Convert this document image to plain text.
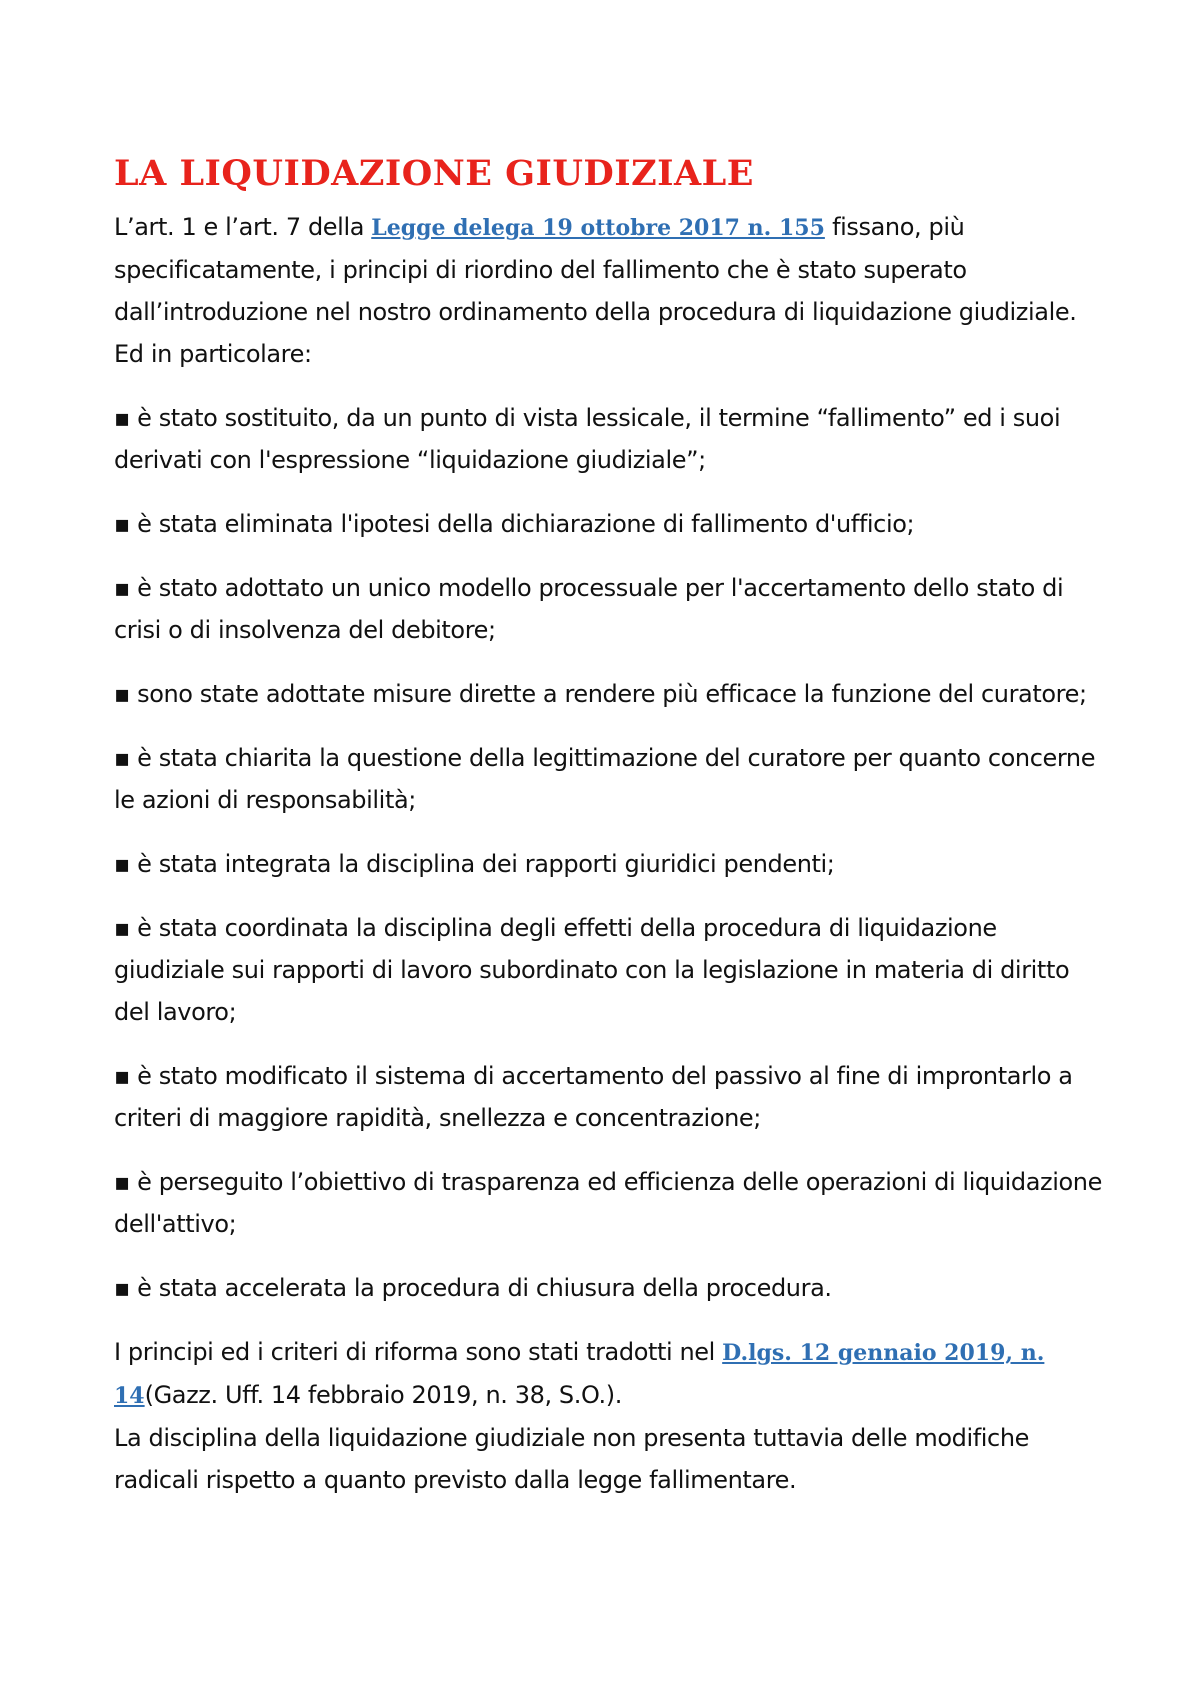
LA LIQUIDAZIONE GIUDIZIALE

L’art. 1 e l’art. 7 della Legge delega 19 ottobre 2017 n. 155 fissano, più specificatamente, i principi di riordino del fallimento che è stato superato dall’introduzione nel nostro ordinamento della procedura di liquidazione giudiziale.
Ed in particolare:

▪ è stato sostituito, da un punto di vista lessicale, il termine “fallimento” ed i suoi derivati con l'espressione “liquidazione giudiziale”;

▪ è stata eliminata l'ipotesi della dichiarazione di fallimento d'ufficio;

▪ è stato adottato un unico modello processuale per l'accertamento dello stato di crisi o di insolvenza del debitore;

▪ sono state adottate misure dirette a rendere più efficace la funzione del curatore;

▪ è stata chiarita la questione della legittimazione del curatore per quanto concerne le azioni di responsabilità;

▪ è stata integrata la disciplina dei rapporti giuridici pendenti;

▪ è stata coordinata la disciplina degli effetti della procedura di liquidazione giudiziale sui rapporti di lavoro subordinato con la legislazione in materia di diritto del lavoro;

▪ è stato modificato il sistema di accertamento del passivo al fine di improntarlo a criteri di maggiore rapidità, snellezza e concentrazione;

▪ è perseguito l’obiettivo di trasparenza ed efficienza delle operazioni di liquidazione dell'attivo;

▪ è stata accelerata la procedura di chiusura della procedura.

I principi ed i criteri di riforma sono stati tradotti nel D.lgs. 12 gennaio 2019, n. 14(Gazz. Uff. 14 febbraio 2019, n. 38, S.O.).
La disciplina della liquidazione giudiziale non presenta tuttavia delle modifiche radicali rispetto a quanto previsto dalla legge fallimentare.
